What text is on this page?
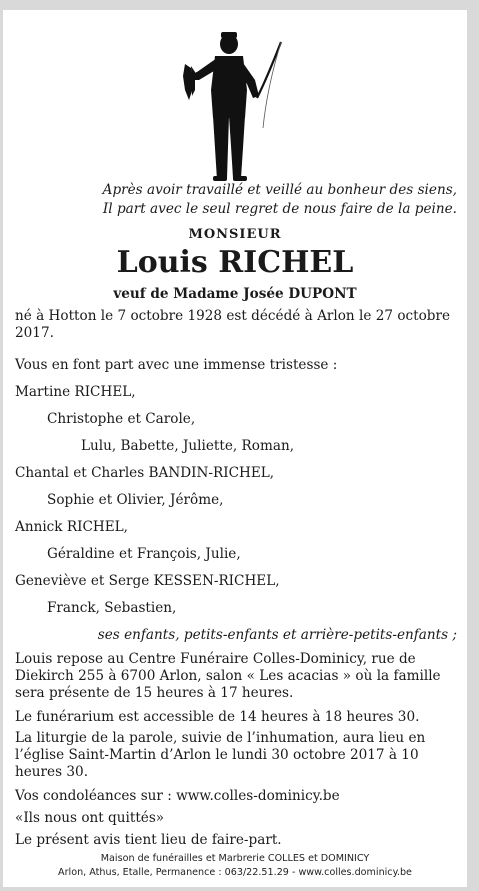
Après avoir travaillé et veillé au bonheur des siens,

Il part avec le seul regret de nous faire de la peine.

MONSIEUR

Louis RICHEL

veuf de Madame Josée DUPONT

né à Hotton le 7 octobre 1928 est décédé à Arlon le 27 octobre 2017.

Vous en font part avec une immense tristesse :

Martine RICHEL,

Christophe et Carole,

Lulu, Babette, Juliette, Roman,

Chantal et Charles BANDIN-RICHEL,

Sophie et Olivier, Jérôme,

Annick RICHEL,

Géraldine et François, Julie,

Geneviève et Serge KESSEN-RICHEL,

Franck, Sebastien,

ses enfants, petits-enfants et arrière-petits-enfants ;

Louis repose au Centre Funéraire Colles-Dominicy, rue de Diekirch 255 à 6700 Arlon, salon « Les acacias » où la famille sera présente de 15 heures à 17 heures.

Le funérarium est accessible de 14 heures à 18 heures 30.

La liturgie de la parole, suivie de l’inhumation, aura lieu en l’église Saint-Martin d’Arlon le lundi 30 octobre 2017 à 10 heures 30.

Vos condoléances sur : www.colles-dominicy.be

«Ils nous ont quittés»

Le présent avis tient lieu de faire-part.

Maison de funérailles et Marbrerie COLLES et DOMINICY
Arlon, Athus, Etalle, Permanence : 063/22.51.29 - www.colles.dominicy.be
